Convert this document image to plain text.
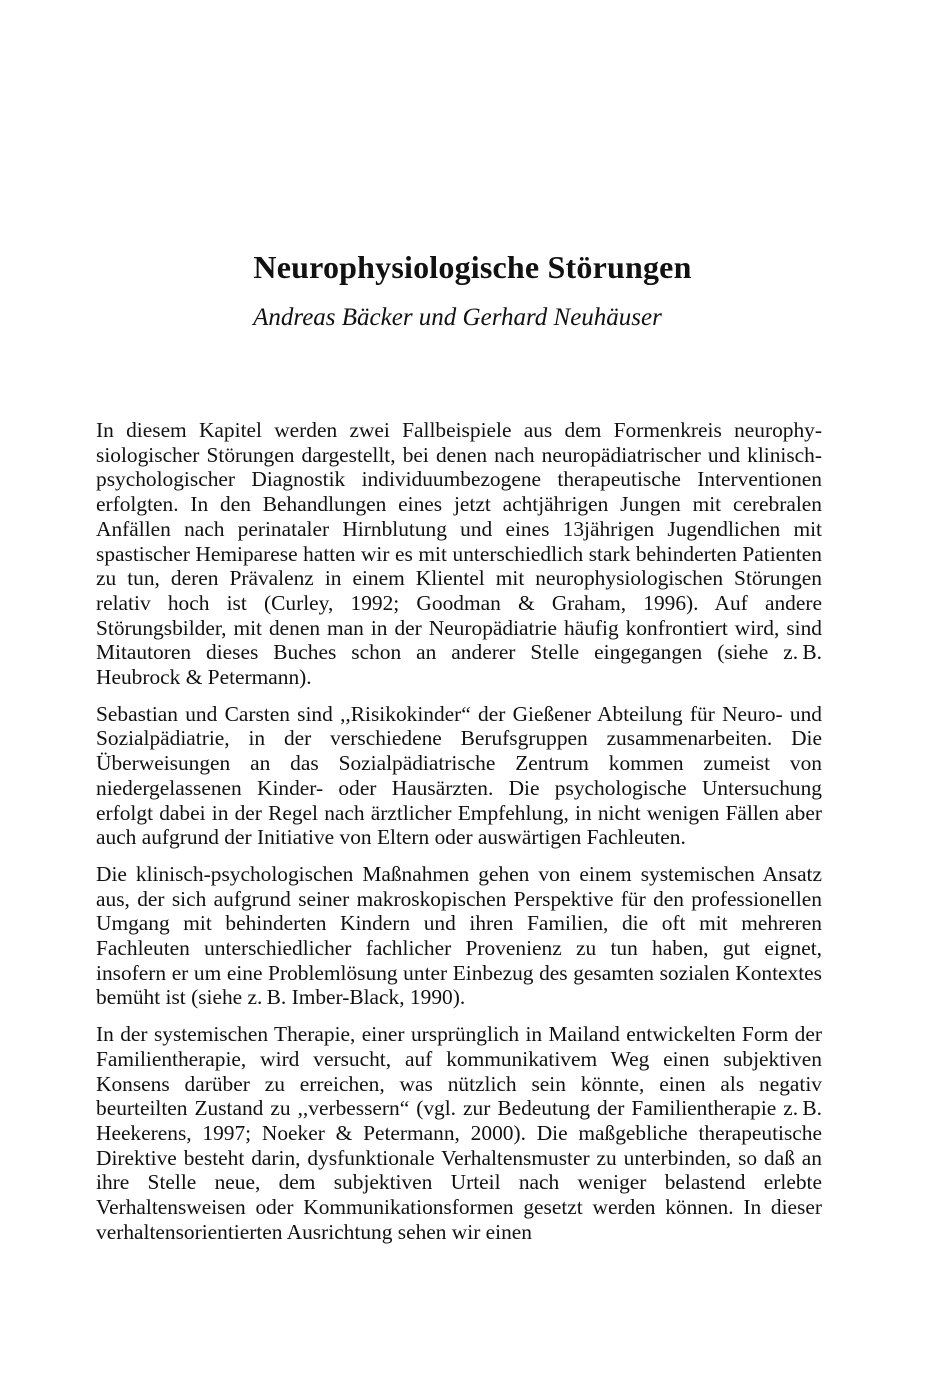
Neurophysiologische Störungen

Andreas Bäcker und Gerhard Neuhäuser

In diesem Kapitel werden zwei Fallbeispiele aus dem Formenkreis neurophysiologischer Störungen dargestellt, bei denen nach neuropädiatrischer und klinisch-psychologischer Diagnostik individuumbezogene therapeutische Interventionen erfolgten. In den Behandlungen eines jetzt achtjährigen Jungen mit cerebralen Anfällen nach perinataler Hirnblutung und eines 13jährigen Jugendlichen mit spastischer Hemiparese hatten wir es mit unterschiedlich stark behinderten Patienten zu tun, deren Prävalenz in einem Klientel mit neurophysiologischen Störungen relativ hoch ist (Curley, 1992; Goodman & Graham, 1996). Auf andere Störungsbilder, mit denen man in der Neuropädiatrie häufig konfrontiert wird, sind Mitautoren dieses Buches schon an anderer Stelle eingegangen (siehe z. B. Heubrock & Petermann).

Sebastian und Carsten sind ,,Risikokinder“ der Gießener Abteilung für Neuro- und Sozialpädiatrie, in der verschiedene Berufsgruppen zusammenarbeiten. Die Überweisungen an das Sozialpädiatrische Zentrum kommen zumeist von niedergelassenen Kinder- oder Hausärzten. Die psychologische Untersuchung erfolgt dabei in der Regel nach ärztlicher Empfehlung, in nicht wenigen Fällen aber auch aufgrund der Initiative von Eltern oder auswärtigen Fachleuten.

Die klinisch-psychologischen Maßnahmen gehen von einem systemischen Ansatz aus, der sich aufgrund seiner makroskopischen Perspektive für den professionellen Umgang mit behinderten Kindern und ihren Familien, die oft mit mehreren Fachleuten unterschiedlicher fachlicher Provenienz zu tun haben, gut eignet, insofern er um eine Problemlösung unter Einbezug des gesamten sozialen Kontextes bemüht ist (siehe z. B. Imber-Black, 1990).

In der systemischen Therapie, einer ursprünglich in Mailand entwickelten Form der Familientherapie, wird versucht, auf kommunikativem Weg einen subjektiven Konsens darüber zu erreichen, was nützlich sein könnte, einen als negativ beurteilten Zustand zu ,,verbessern“ (vgl. zur Bedeutung der Familientherapie z. B. Heekerens, 1997; Noeker & Petermann, 2000). Die maßgebliche therapeutische Direktive besteht darin, dysfunktionale Verhaltensmuster zu unterbinden, so daß an ihre Stelle neue, dem subjektiven Urteil nach weniger belastend erlebte Verhaltensweisen oder Kommunikationsformen gesetzt werden können. In dieser verhaltensorientierten Ausrichtung sehen wir einen
